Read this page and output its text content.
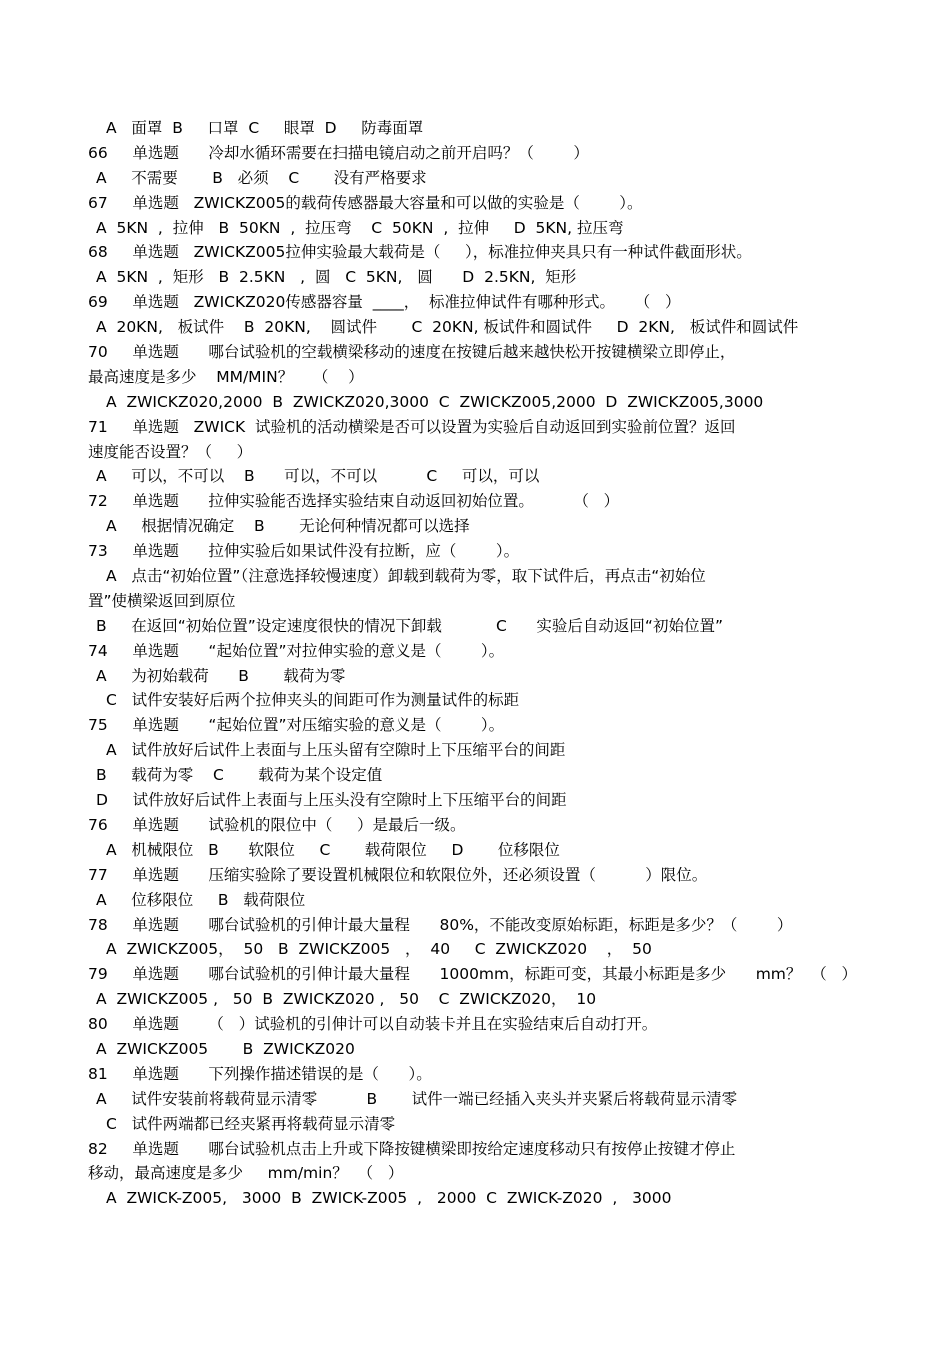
A   面罩  B     口罩  C     眼罩  D     防毒面罩
66     单选题      冷却水循环需要在扫描电镜启动之前开启吗？（        ）
A     不需要       B   必须    C       没有严格要求
67     单选题   ZWICKZ005的载荷传感器最大容量和可以做的实验是（        ）。
A  5KN  ,  拉伸   B  50KN  ,  拉压弯    C  50KN  ,  拉伸     D  5KN, 拉压弯
68     单选题   ZWICKZ005拉伸实验最大载荷是（     ），标准拉伸夹具只有一种试件截面形状。
A  5KN  ,  矩形   B  2.5KN   ,  圆   C  5KN,   圆      D  2.5KN,  矩形
69     单选题   ZWICKZ020传感器容量  ____，  标准拉伸试件有哪种形式。    （   ）
A  20KN,   板试件    B  20KN,    圆试件       C  20KN, 板试件和圆试件     D  2KN,   板试件和圆试件
70     单选题      哪台试验机的空载横梁移动的速度在按键后越来越快松开按键横梁立即停止，
最高速度是多少    MM/MIN？    （    ）
A  ZWICKZ020,2000  B  ZWICKZ020,3000  C  ZWICKZ005,2000  D  ZWICKZ005,3000
71     单选题   ZWICK  试验机的活动横梁是否可以设置为实验后自动返回到实验前位置？返回
速度能否设置？（     ）
A     可以，不可以    B      可以，不可以          C     可以，可以
72     单选题      拉伸实验能否选择实验结束自动返回初始位置。        （   ）
A     根据情况确定    B       无论何种情况都可以选择
73     单选题      拉伸实验后如果试件没有拉断，应（        ）。
A   点击“初始位置”（注意选择较慢速度）卸载到载荷为零，取下试件后，再点击“初始位
置”使横梁返回到原位
B     在返回“初始位置”设定速度很快的情况下卸载           C      实验后自动返回“初始位置”
74     单选题      “起始位置”对拉伸实验的意义是（        ）。
A     为初始载荷      B       载荷为零
C   试件安装好后两个拉伸夹头的间距可作为测量试件的标距
75     单选题      “起始位置”对压缩实验的意义是（        ）。
A   试件放好后试件上表面与上压头留有空隙时上下压缩平台的间距
B     载荷为零    C       载荷为某个设定值
D     试件放好后试件上表面与上压头没有空隙时上下压缩平台的间距
76     单选题      试验机的限位中（     ）是最后一级。
A   机械限位   B      软限位     C       载荷限位     D       位移限位
77     单选题      压缩实验除了要设置机械限位和软限位外，还必须设置（          ）限位。
A     位移限位     B   载荷限位
78     单选题      哪台试验机的引伸计最大量程      80%，不能改变原始标距，标距是多少？（        ）
A  ZWICKZ005，  50   B  ZWICKZ005   ，  40     C  ZWICKZ020    ，  50
79     单选题      哪台试验机的引伸计最大量程      1000mm，标距可变，其最小标距是多少      mm？  （   ）
A  ZWICKZ005 ,   50  B  ZWICKZ020 ,   50    C  ZWICKZ020，  10
80     单选题      （   ）试验机的引伸计可以自动装卡并且在实验结束后自动打开。
A  ZWICKZ005       B  ZWICKZ020
81     单选题      下列操作描述错误的是（      ）。
A     试件安装前将载荷显示清零          B       试件一端已经插入夹头并夹紧后将载荷显示清零
C   试件两端都已经夹紧再将载荷显示清零
82     单选题      哪台试验机点击上升或下降按键横梁即按给定速度移动只有按停止按键才停止
移动，最高速度是多少     mm/min？  （   ）
A  ZWICK-Z005,   3000  B  ZWICK-Z005  ,   2000  C  ZWICK-Z020  ,   3000
